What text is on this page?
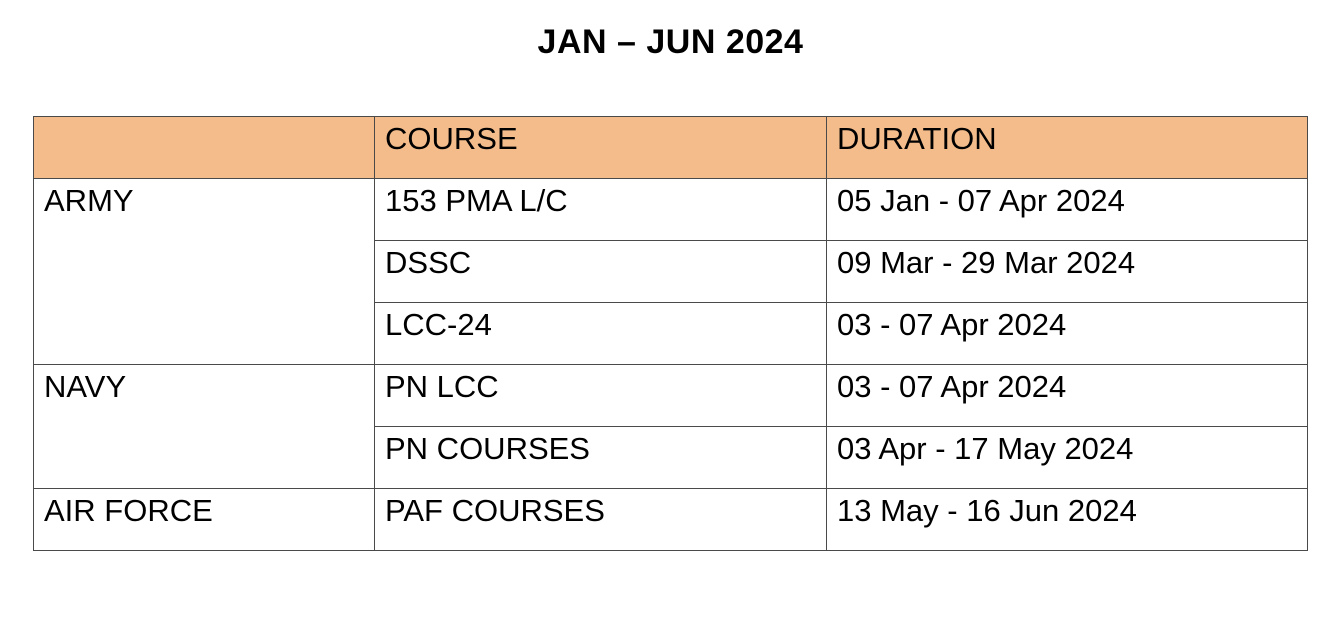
JAN – JUN 2024
	COURSE	DURATION
ARMY	153 PMA L/C	05 Jan - 07 Apr 2024
	DSSC	09 Mar - 29 Mar 2024
	LCC-24	03 - 07 Apr 2024
NAVY	PN LCC	03 - 07 Apr 2024
	PN COURSES	03 Apr - 17 May 2024
AIR FORCE	PAF COURSES	13 May - 16 Jun 2024
